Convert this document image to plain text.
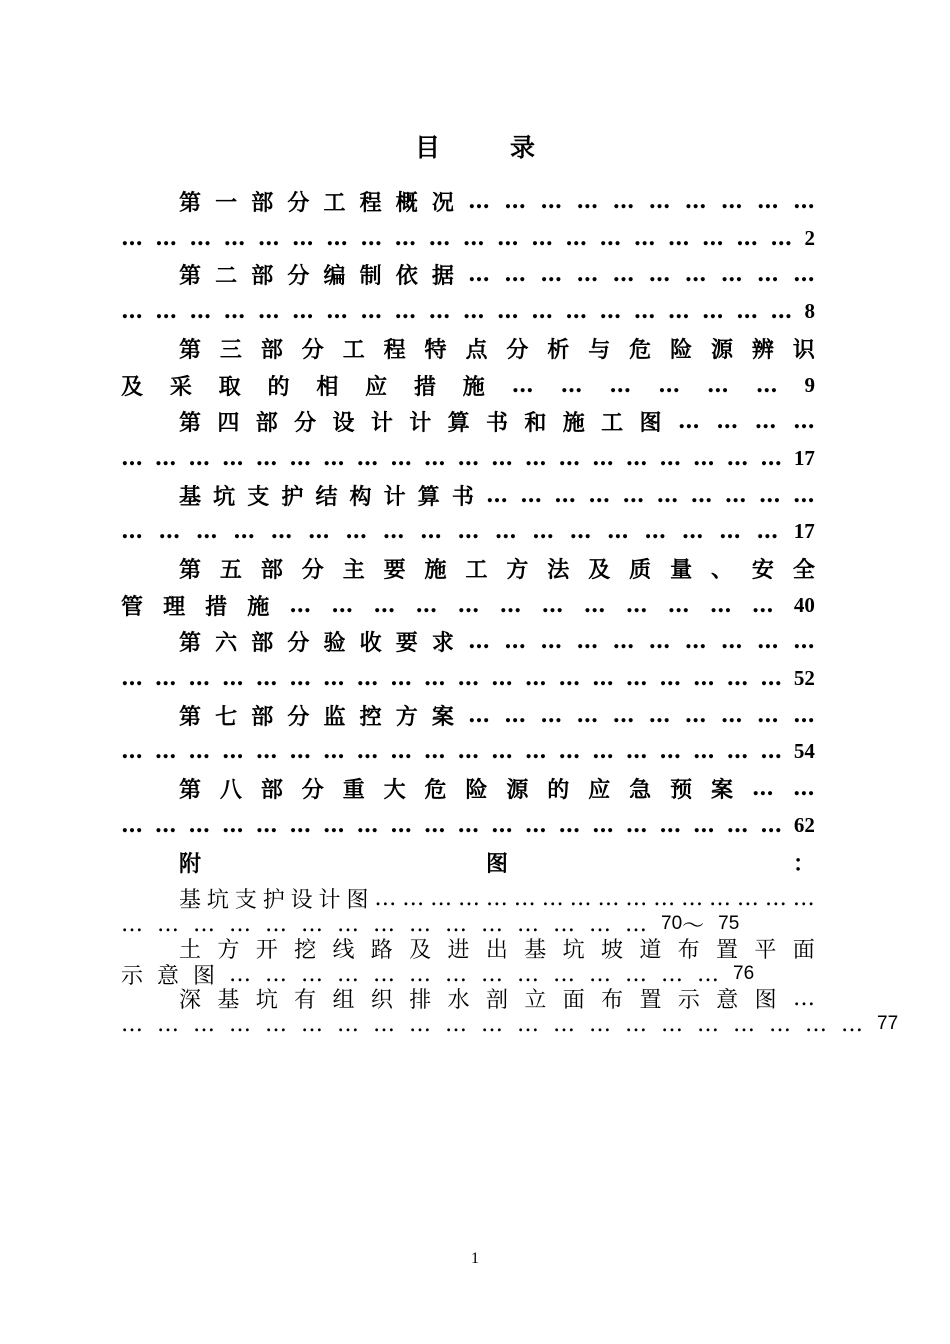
目	录
第 一 部 分 工 程 概 况 … … … … … … … … … …
… … … … … … … … … … … … … … … … … … … … 2
第 二 部 分 编 制 依 据 … … … … … … … … … …
… … … … … … … … … … … … … … … … … … … … 8
第 三 部 分 工 程 特 点 分 析 与 危 险 源 辨 识
及 采 取 的 相 应 措 施 … … … … … … 9
第 四 部 分 设 计 计 算 书 和 施 工 图 … … … …
… … … … … … … … … … … … … … … … … … … … 17
基 坑 支 护 结 构 计 算 书 … … … … … … … … … …
… … … … … … … … … … … … … … … … … … 17
第 五 部 分 主 要 施 工 方 法 及 质 量 、 安 全
管 理 措 施 … … … … … … … … … … … … 40
第 六 部 分 验 收 要 求 … … … … … … … … … …
… … … … … … … … … … … … … … … … … … … … 52
第 七 部 分 监 控 方 案 … … … … … … … … … …
… … … … … … … … … … … … … … … … … … … … 54
第 八 部 分 重 大 危 险 源 的 应 急 预 案 … …
… … … … … … … … … … … … … … … … … … … … 62
附	图	：
基 坑 支 护 设 计 图 … … … … … … … … … … … … … … … …
… … … … … … … … … … … … … … … 70 ～ 75
土 方 开 挖 线 路 及 进 出 基 坑 坡 道 布 置 平 面
示 意 图 … … … … … … … … … … … … … … 76
深 基 坑 有 组 织 排 水 剖 立 面 布 置 示 意 图 …
… … … … … … … … … … … … … … … … … … … … … 77
1
